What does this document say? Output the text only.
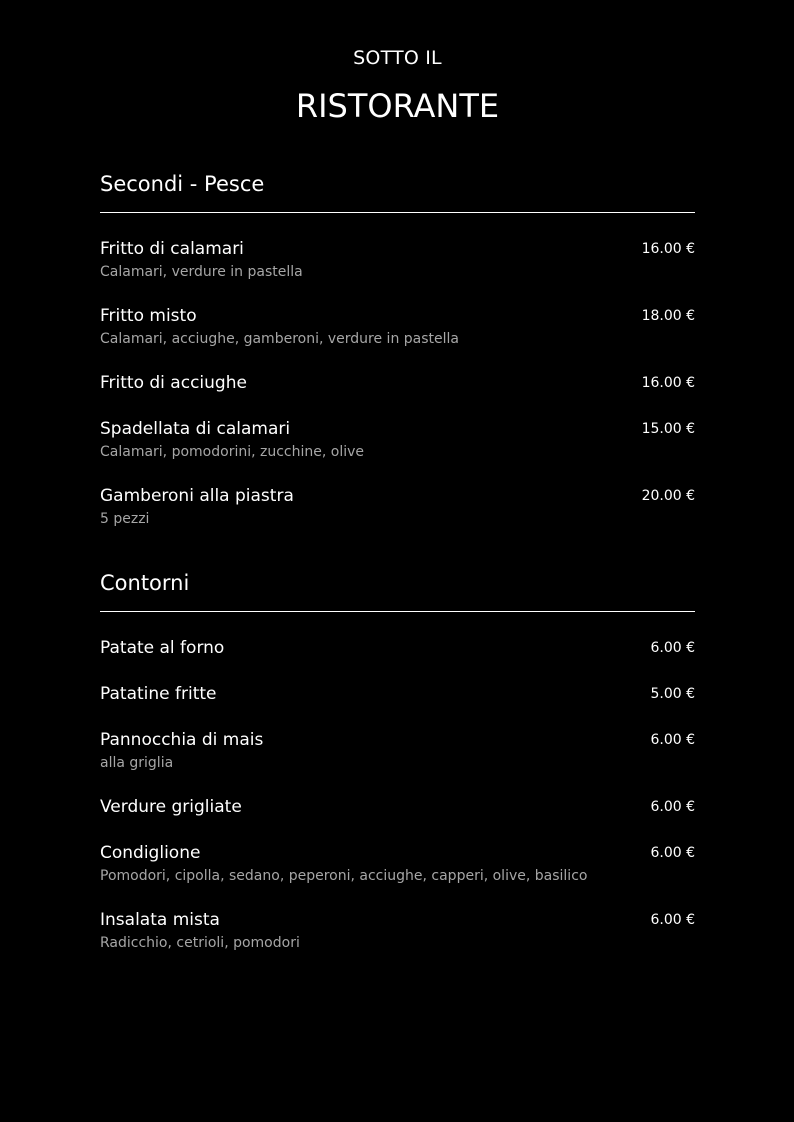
SOTTO IL

RISTORANTE
Secondi - Pesce
Fritto di calamari
Calamari, verdure in pastella
16.00 €
Fritto misto
Calamari, acciughe, gamberoni, verdure in pastella
18.00 €
Fritto di acciughe	16.00 €
Spadellata di calamari
Calamari, pomodorini, zucchine, olive
15.00 €
Gamberoni alla piastra
5 pezzi
20.00 €
Contorni
Patate al forno	6.00 €
Patatine fritte	5.00 €
Pannocchia di mais
alla griglia
6.00 €
Verdure grigliate	6.00 €
Condiglione
Pomodori, cipolla, sedano, peperoni, acciughe, capperi, olive, basilico
6.00 €
Insalata mista
Radicchio, cetrioli, pomodori
6.00 €
